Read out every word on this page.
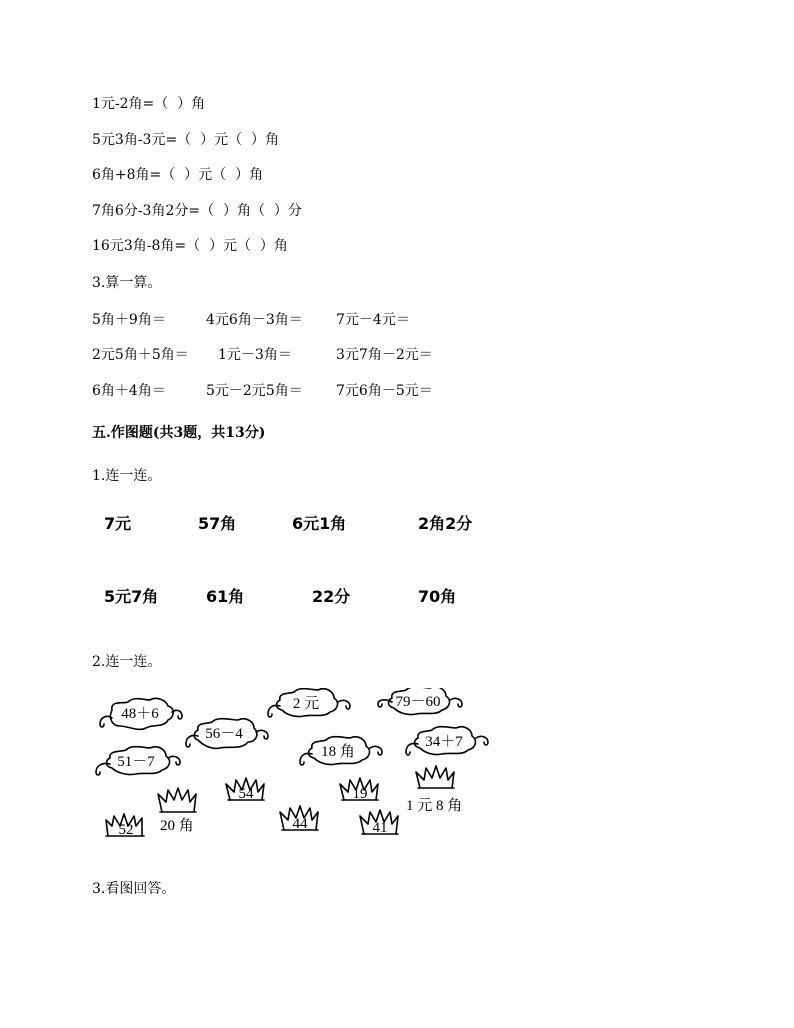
1元-2角=（  ）角
5元3角-3元=（  ）元（  ）角
6角+8角=（  ）元（  ）角
7角6分-3角2分=（  ）角（  ）分
16元3角-8角=（  ）元（  ）角
3.算一算。
5角＋9角＝	4元6角－3角＝ 7元－4元＝
2元5角＋5角＝ 1元－3角＝	3元7角－2元＝
6角＋4角＝	5元－2元5角＝ 7元6角－5元＝
五.作图题(共3题，共13分)
1.连一连。
7元	57角	6元1角	2角2分
5元7角	61角	22分	70角
2.连一连。
48＋6
56－4
51－7
2 元
18 角
79－60
34＋7
52
54	19
44	41
20 角
1 元 8 角
3.看图回答。
